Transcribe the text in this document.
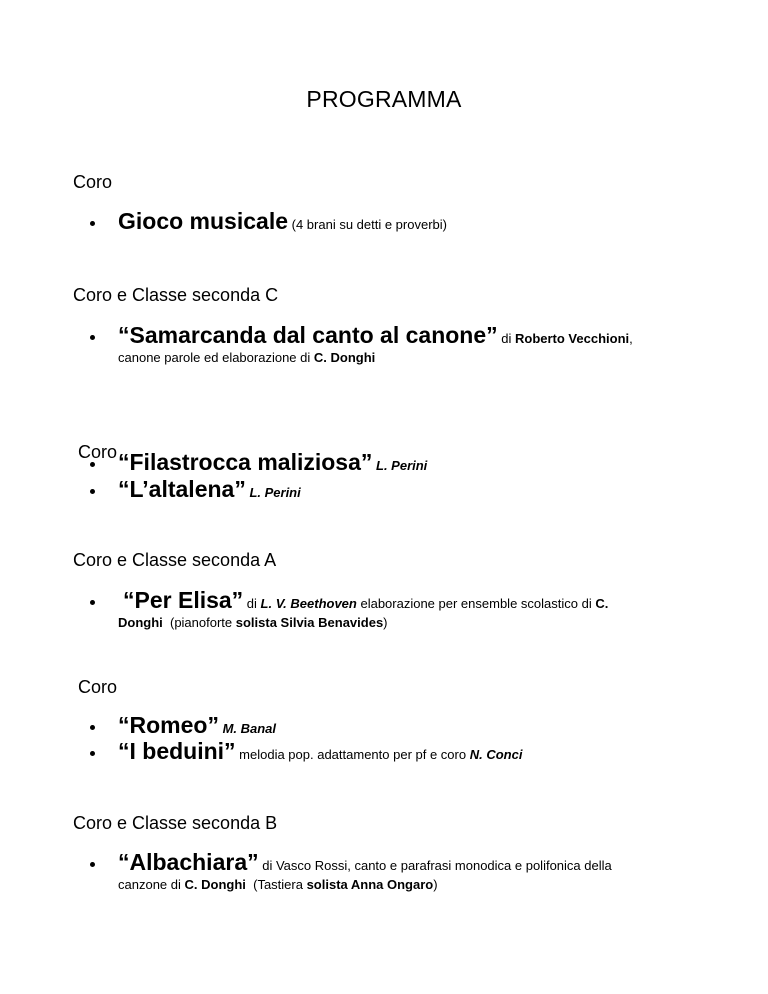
PROGRAMMA
Coro
Gioco musicale (4 brani su detti e proverbi)
Coro e Classe seconda C
“Samarcanda dal canto al canone” di Roberto Vecchioni,
canone parole ed elaborazione di C. Donghi
Coro “Filastrocca maliziosa” L. Perini
“L’altalena” L. Perini
Coro e Classe seconda A
“Per Elisa” di L. V. Beethoven elaborazione per ensemble scolastico di C.
Donghi  (pianoforte solista Silvia Benavides)
Coro
“Romeo” M. Banal
“I beduini” melodia pop. adattamento per pf e coro N. Conci
Coro e Classe seconda B
“Albachiara” di Vasco Rossi, canto e parafrasi monodica e polifonica della
canzone di C. Donghi  (Tastiera solista Anna Ongaro)
